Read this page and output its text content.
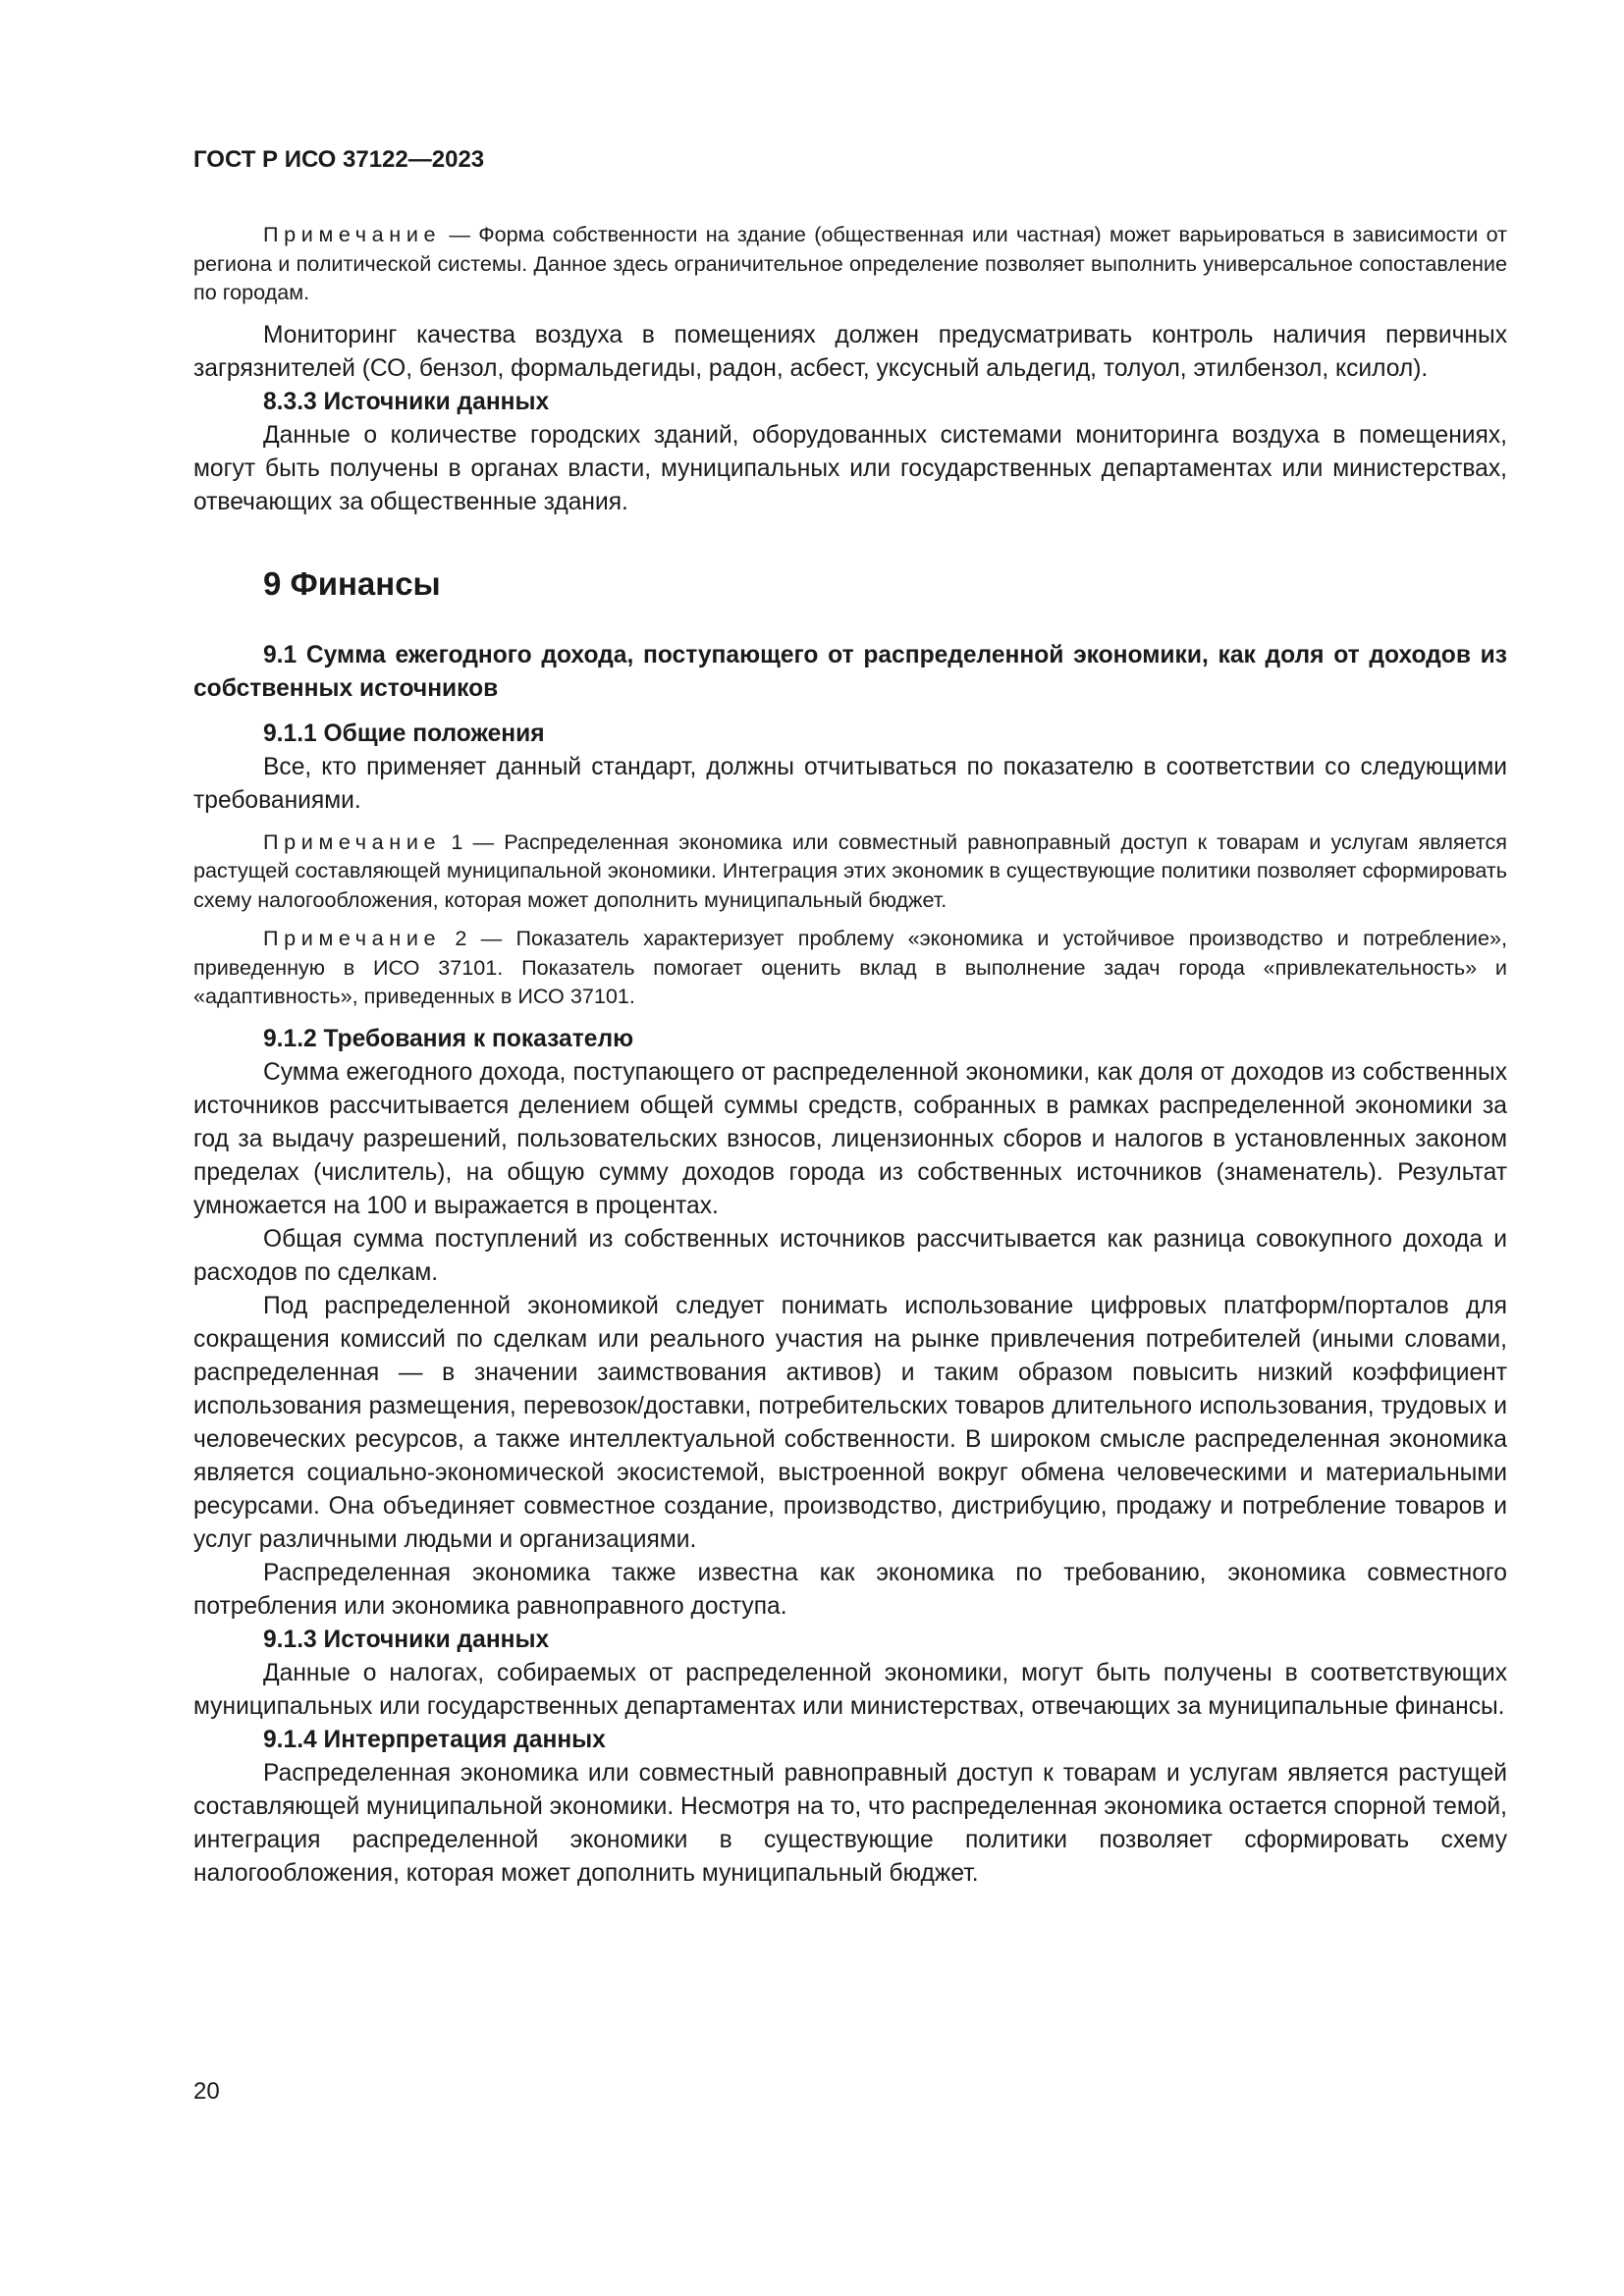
ГОСТ Р ИСО 37122—2023

Примечание — Форма собственности на здание (общественная или частная) может варьироваться в зависимости от региона и политической системы. Данное здесь ограничительное определение позволяет выполнить универсальное сопоставление по городам.

Мониторинг качества воздуха в помещениях должен предусматривать контроль наличия первичных загрязнителей (СО, бензол, формальдегиды, радон, асбест, уксусный альдегид, толуол, этилбензол, ксилол).

8.3.3 Источники данных

Данные о количестве городских зданий, оборудованных системами мониторинга воздуха в помещениях, могут быть получены в органах власти, муниципальных или государственных департаментах или министерствах, отвечающих за общественные здания.

9 Финансы

9.1 Сумма ежегодного дохода, поступающего от распределенной экономики, как доля от доходов из собственных источников

9.1.1 Общие положения

Все, кто применяет данный стандарт, должны отчитываться по показателю в соответствии со следующими требованиями.

Примечание 1 — Распределенная экономика или совместный равноправный доступ к товарам и услугам является растущей составляющей муниципальной экономики. Интеграция этих экономик в существующие политики позволяет сформировать схему налогообложения, которая может дополнить муниципальный бюджет.

Примечание 2 — Показатель характеризует проблему «экономика и устойчивое производство и потребление», приведенную в ИСО 37101. Показатель помогает оценить вклад в выполнение задач города «привлекательность» и «адаптивность», приведенных в ИСО 37101.

9.1.2 Требования к показателю

Сумма ежегодного дохода, поступающего от распределенной экономики, как доля от доходов из собственных источников рассчитывается делением общей суммы средств, собранных в рамках распределенной экономики за год за выдачу разрешений, пользовательских взносов, лицензионных сборов и налогов в установленных законом пределах (числитель), на общую сумму доходов города из собственных источников (знаменатель). Результат умножается на 100 и выражается в процентах.

Общая сумма поступлений из собственных источников рассчитывается как разница совокупного дохода и расходов по сделкам.

Под распределенной экономикой следует понимать использование цифровых платформ/порталов для сокращения комиссий по сделкам или реального участия на рынке привлечения потребителей (иными словами, распределенная — в значении заимствования активов) и таким образом повысить низкий коэффициент использования размещения, перевозок/доставки, потребительских товаров длительного использования, трудовых и человеческих ресурсов, а также интеллектуальной собственности. В широком смысле распределенная экономика является социально-экономической экосистемой, выстроенной вокруг обмена человеческими и материальными ресурсами. Она объединяет совместное создание, производство, дистрибуцию, продажу и потребление товаров и услуг различными людьми и организациями.

Распределенная экономика также известна как экономика по требованию, экономика совместного потребления или экономика равноправного доступа.

9.1.3 Источники данных

Данные о налогах, собираемых от распределенной экономики, могут быть получены в соответствующих муниципальных или государственных департаментах или министерствах, отвечающих за муниципальные финансы.

9.1.4 Интерпретация данных

Распределенная экономика или совместный равноправный доступ к товарам и услугам является растущей составляющей муниципальной экономики. Несмотря на то, что распределенная экономика остается спорной темой, интеграция распределенной экономики в существующие политики позволяет сформировать схему налогообложения, которая может дополнить муниципальный бюджет.

20
